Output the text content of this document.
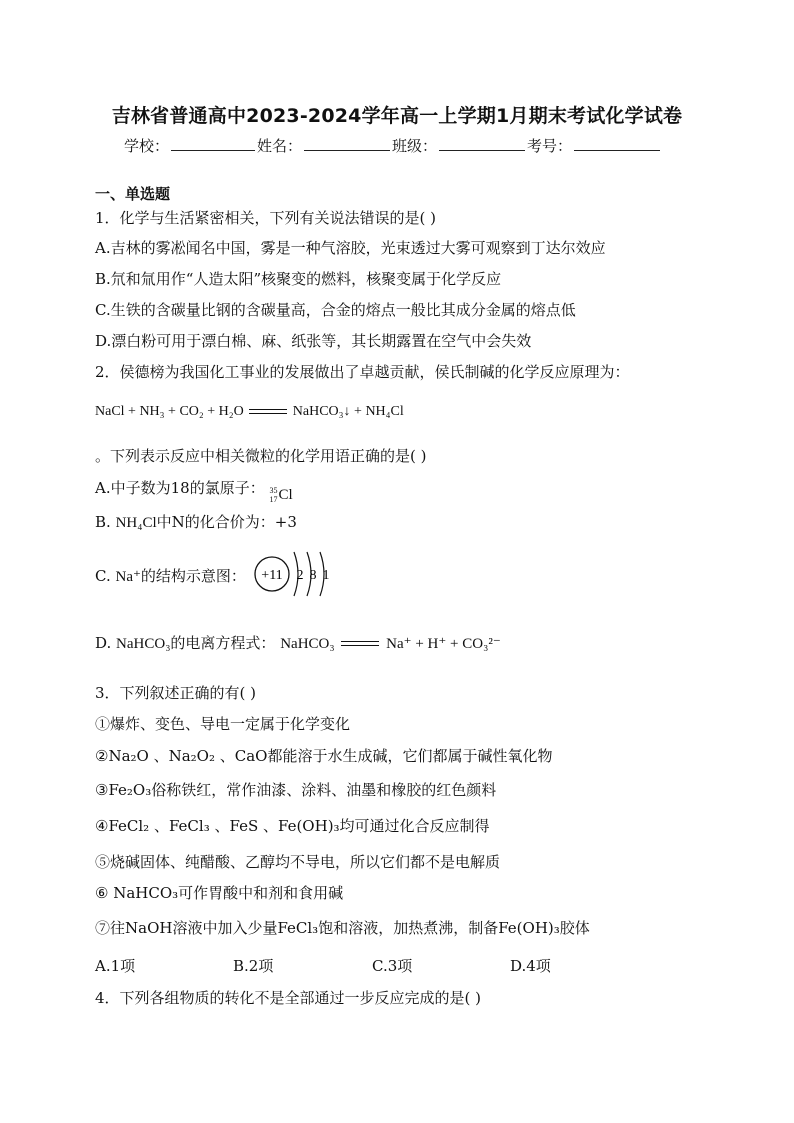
吉林省普通高中2023-2024学年高一上学期1月期末考试化学试卷
学校：	姓名：	班级：	考号：
一、单选题
1．化学与生活紧密相关，下列有关说法错误的是( )
A.吉林的雾凇闻名中国，雾是一种气溶胶，光束透过大雾可观察到丁达尔效应
B.氘和氚用作“人造太阳”核聚变的燃料，核聚变属于化学反应
C.生铁的含碳量比钢的含碳量高，合金的熔点一般比其成分金属的熔点低
D.漂白粉可用于漂白棉、麻、纸张等，其长期露置在空气中会失效
2．侯德榜为我国化工事业的发展做出了卓越贡献，侯氏制碱的化学反应原理为：
NaCl + NH₃ + CO₂ + H₂O	NaHCO₃↓ + NH₄Cl
。下列表示反应中相关微粒的化学用语正确的是( )
A.中子数为18的氯原子： 35
17 Cl
B. NH₄Cl中N的化合价为：+3
C. Na⁺的结构示意图： +11 2 8 1
D. NaHCO₃的电离方程式： NaHCO₃	Na⁺ + H⁺ + CO₃²⁻
3．下列叙述正确的有( )
①爆炸、变色、导电一定属于化学变化
②Na₂O 、Na₂O₂ 、CaO都能溶于水生成碱，它们都属于碱性氧化物
③Fe₂O₃俗称铁红，常作油漆、涂料、油墨和橡胶的红色颜料
④FeCl₂ 、FeCl₃ 、FeS 、Fe(OH)₃均可通过化合反应制得
⑤烧碱固体、纯醋酸、乙醇均不导电，所以它们都不是电解质
⑥ NaHCO₃可作胃酸中和剂和食用碱
⑦往NaOH溶液中加入少量FeCl₃饱和溶液，加热煮沸，制备Fe(OH)₃胶体
A.1项	B.2项	C.3项	D.4项
4．下列各组物质的转化不是全部通过一步反应完成的是( )
